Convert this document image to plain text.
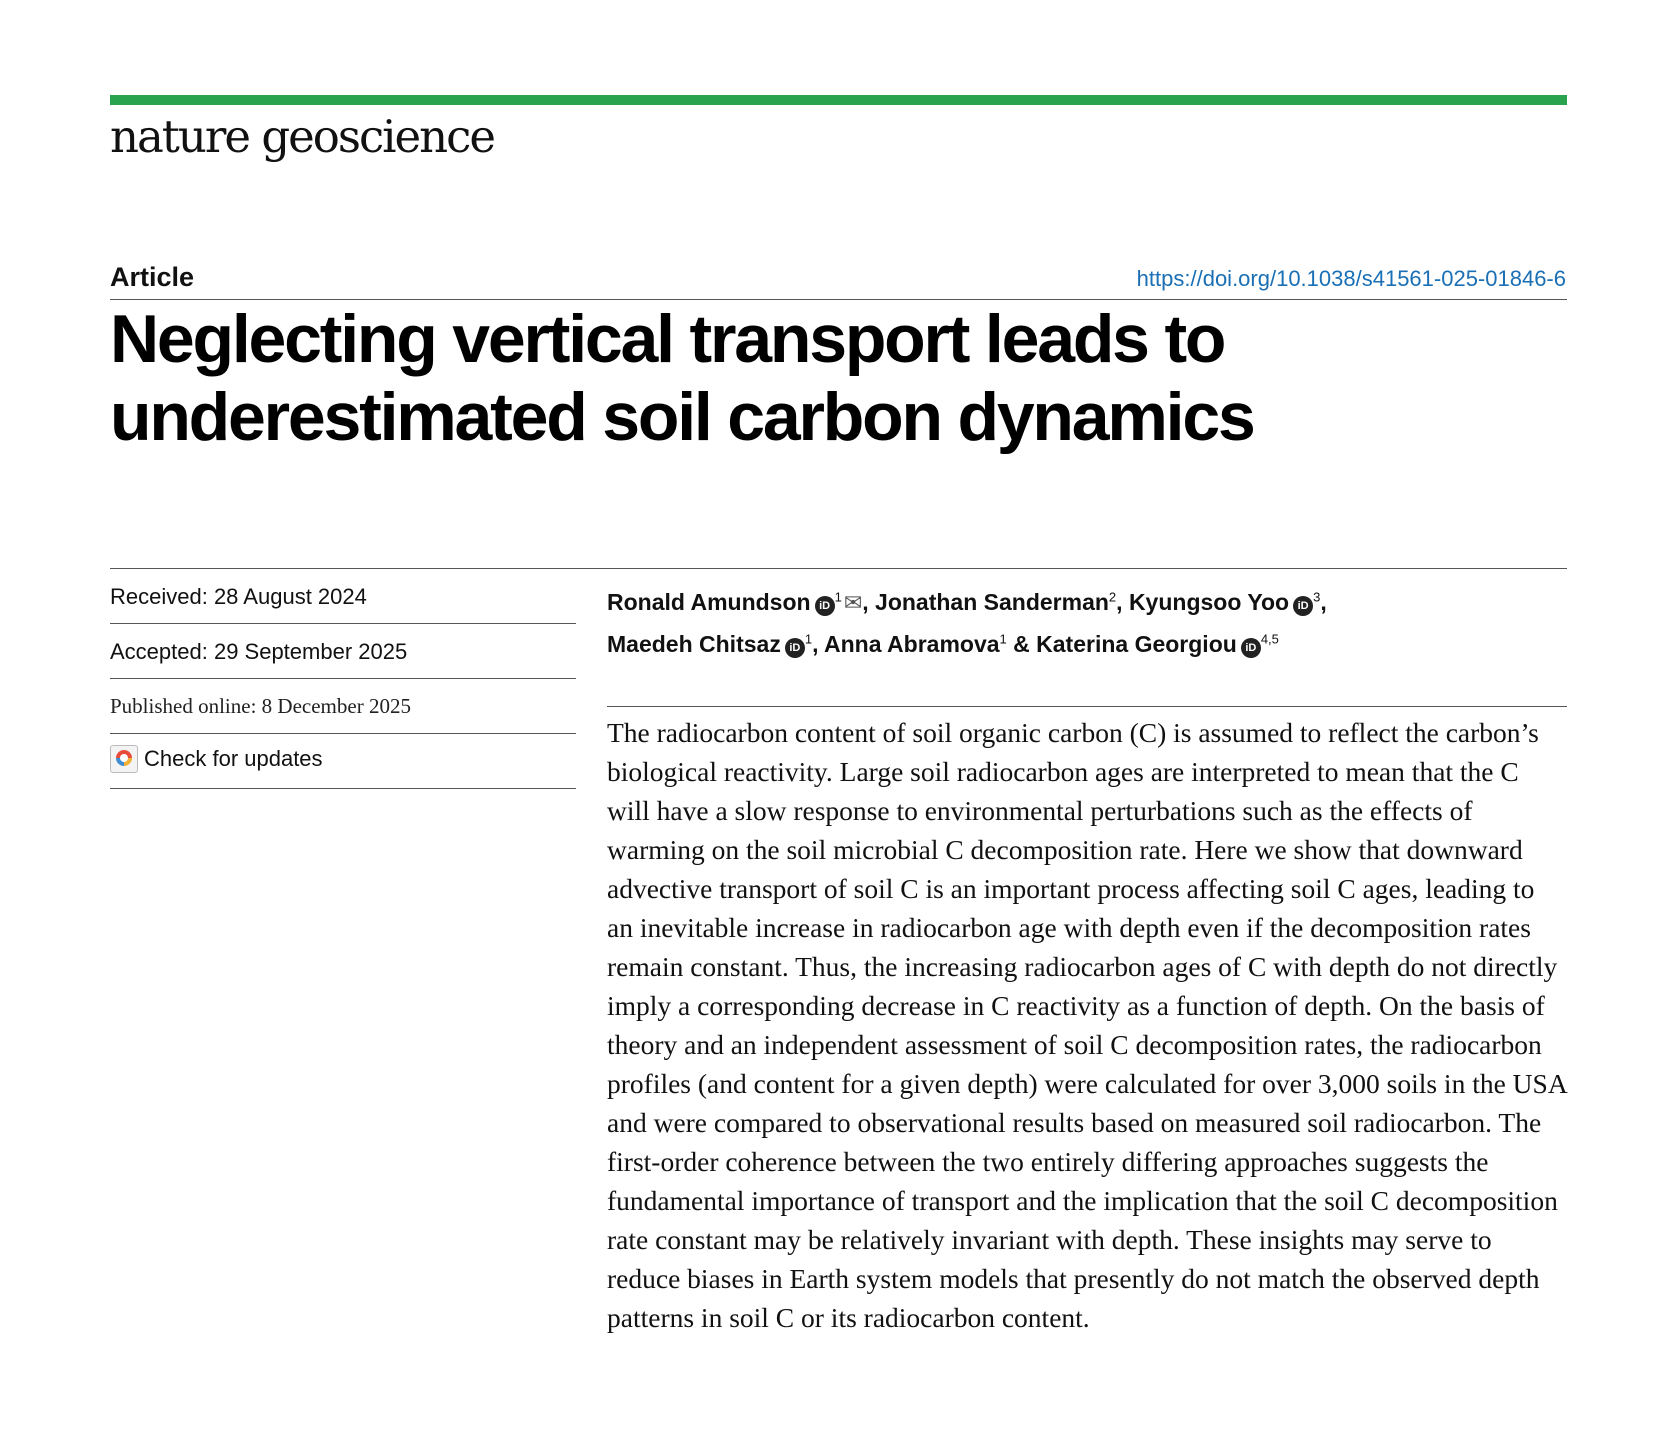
nature geoscience
Article	https://doi.org/10.1038/s41561-025-01846-6
Neglecting vertical transport leads to underestimated soil carbon dynamics
Received: 28 August 2024
Accepted: 29 September 2025
Published online: 8 December 2025
Check for updates

Ronald Amundson $iD^1✉$, Jonathan Sanderman$^2$, Kyungsoo Yoo $iD^3$,
Maedeh Chitsaz $iD^1$, Anna Abramova$^1$ & Katerina Georgiou iD$^{4,5}$

The radiocarbon content of soil organic carbon (C) is assumed to reflect the carbon’s biological reactivity. Large soil radiocarbon ages are interpreted to mean that the C will have a slow response to environmental perturbations such as the effects of warming on the soil microbial C decomposition rate. Here we show that downward advective transport of soil C is an important process affecting soil C ages, leading to an inevitable increase in radiocarbon age with depth even if the decomposition rates remain constant. Thus, the increasing radiocarbon ages of C with depth do not directly imply a corresponding decrease in C reactivity as a function of depth. On the basis of theory and an independent assessment of soil C decomposition rates, the radiocarbon profiles (and content for a given depth) were calculated for over 3,000 soils in the USA and were compared to observational results based on measured soil radiocarbon. The first-order coherence between the two entirely differing approaches suggests the fundamental importance of transport and the implication that the soil C decomposition rate constant may be relatively invariant with depth. These insights may serve to reduce biases in Earth system models that presently do not match the observed depth patterns in soil C or its radiocarbon content.
